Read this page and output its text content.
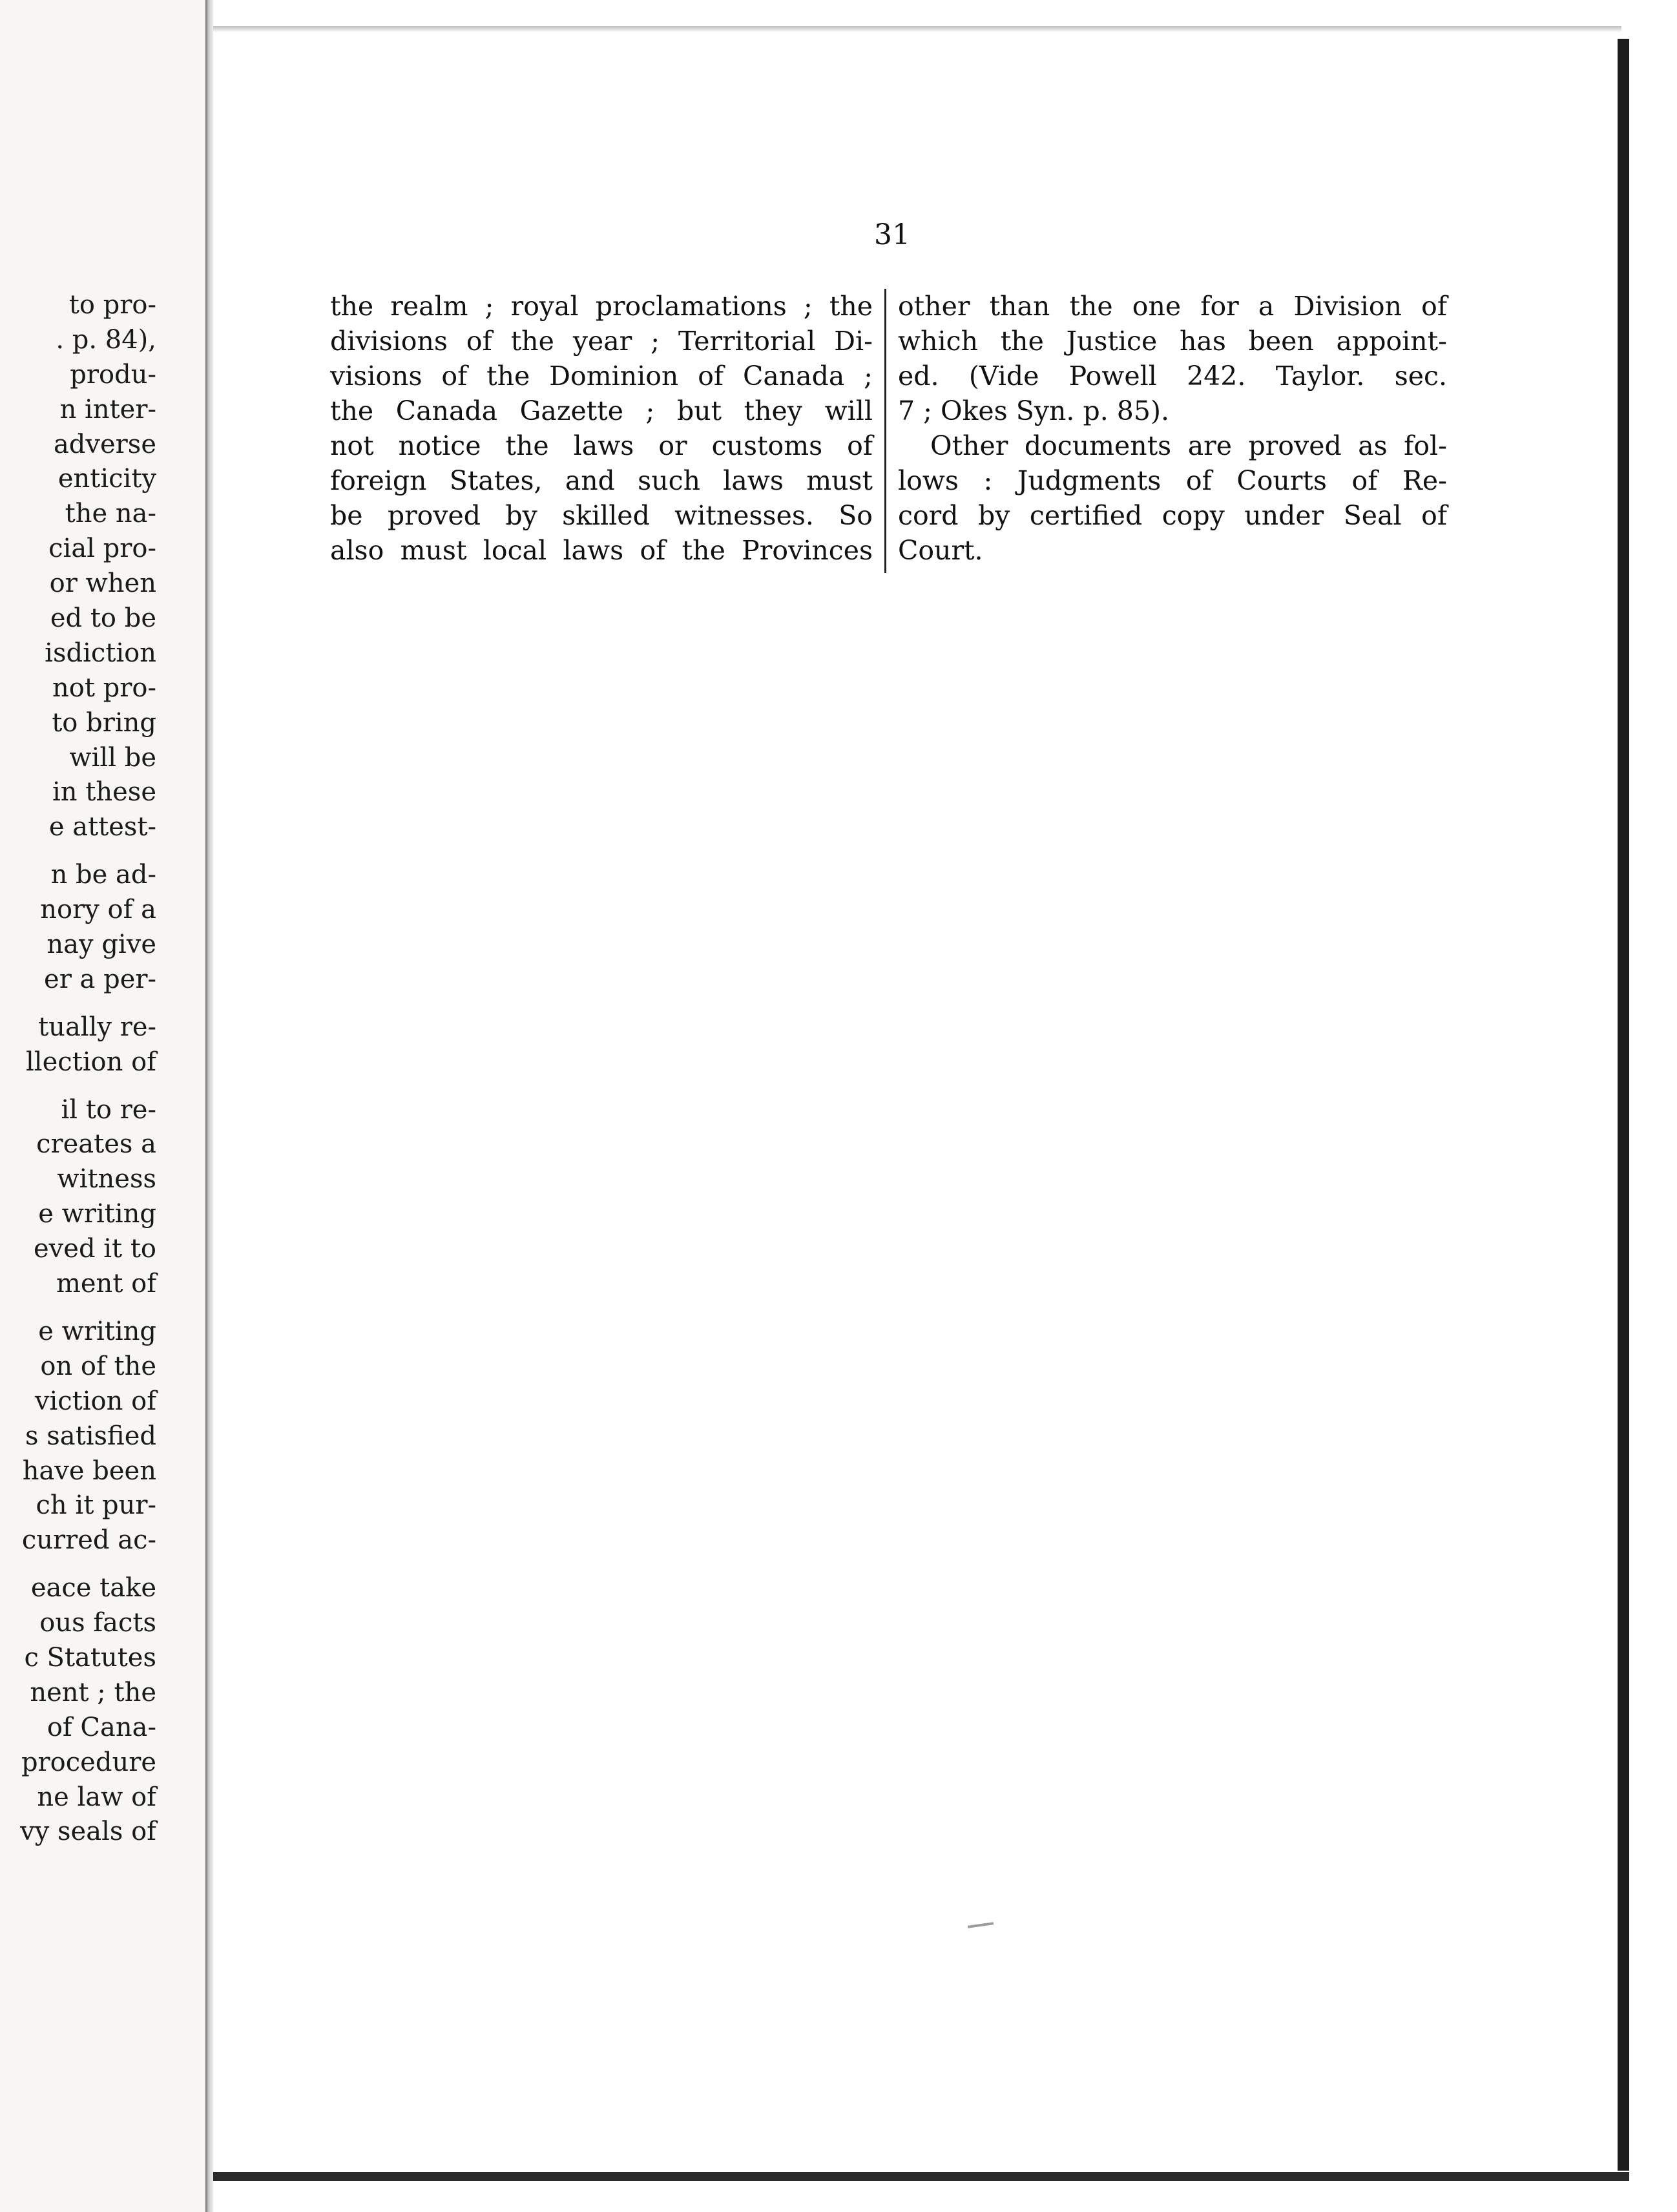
to pro-
. p. 84),
produ-
n inter-
adverse
enticity
the na-
cial pro-
or when
ed to be
isdiction
not pro-
to bring
will be
in these
e attest-
n be ad-
nory of a
nay give
er a per-
tually re-
llection of
il to re-
creates a
witness
e writing
eved it to
ment of
e writing
on of the
viction of
s satisfied
have been
ch it pur-
curred ac-
eace take
ous facts
c Statutes
nent ; the
of Cana-
procedure
ne law of
vy seals of
31
the realm ; royal proclamations ; the
divisions of the year ; Territorial Di-
visions of the Dominion of Canada ;
the Canada Gazette ; but they will
not notice the laws or customs of
foreign States, and such laws must
be proved by skilled witnesses. So
also must local laws of the Provinces
other than the one for a Division of
which the Justice has been appoint-
ed. (Vide Powell 242. Taylor. sec.
7 ; Okes Syn. p. 85).
Other documents are proved as fol-
lows : Judgments of Courts of Re-
cord by certified copy under Seal of
Court.
